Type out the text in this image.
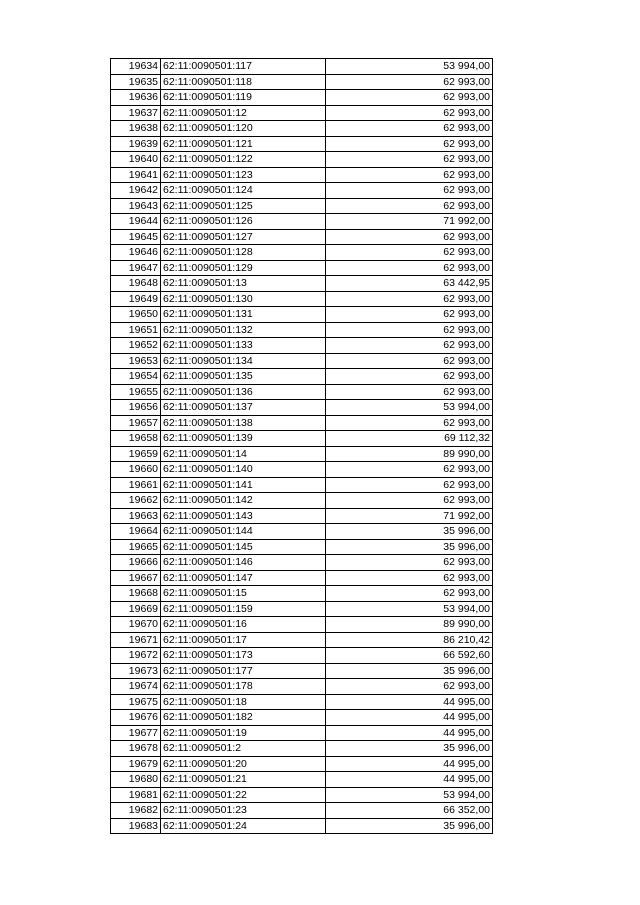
19634	62:11:0090501:117	53 994,00
19635	62:11:0090501:118	62 993,00
19636	62:11:0090501:119	62 993,00
19637	62:11:0090501:12	62 993,00
19638	62:11:0090501:120	62 993,00
19639	62:11:0090501:121	62 993,00
19640	62:11:0090501:122	62 993,00
19641	62:11:0090501:123	62 993,00
19642	62:11:0090501:124	62 993,00
19643	62:11:0090501:125	62 993,00
19644	62:11:0090501:126	71 992,00
19645	62:11:0090501:127	62 993,00
19646	62:11:0090501:128	62 993,00
19647	62:11:0090501:129	62 993,00
19648	62:11:0090501:13	63 442,95
19649	62:11:0090501:130	62 993,00
19650	62:11:0090501:131	62 993,00
19651	62:11:0090501:132	62 993,00
19652	62:11:0090501:133	62 993,00
19653	62:11:0090501:134	62 993,00
19654	62:11:0090501:135	62 993,00
19655	62:11:0090501:136	62 993,00
19656	62:11:0090501:137	53 994,00
19657	62:11:0090501:138	62 993,00
19658	62:11:0090501:139	69 112,32
19659	62:11:0090501:14	89 990,00
19660	62:11:0090501:140	62 993,00
19661	62:11:0090501:141	62 993,00
19662	62:11:0090501:142	62 993,00
19663	62:11:0090501:143	71 992,00
19664	62:11:0090501:144	35 996,00
19665	62:11:0090501:145	35 996,00
19666	62:11:0090501:146	62 993,00
19667	62:11:0090501:147	62 993,00
19668	62:11:0090501:15	62 993,00
19669	62:11:0090501:159	53 994,00
19670	62:11:0090501:16	89 990,00
19671	62:11:0090501:17	86 210,42
19672	62:11:0090501:173	66 592,60
19673	62:11:0090501:177	35 996,00
19674	62:11:0090501:178	62 993,00
19675	62:11:0090501:18	44 995,00
19676	62:11:0090501:182	44 995,00
19677	62:11:0090501:19	44 995,00
19678	62:11:0090501:2	35 996,00
19679	62:11:0090501:20	44 995,00
19680	62:11:0090501:21	44 995,00
19681	62:11:0090501:22	53 994,00
19682	62:11:0090501:23	66 352,00
19683	62:11:0090501:24	35 996,00
